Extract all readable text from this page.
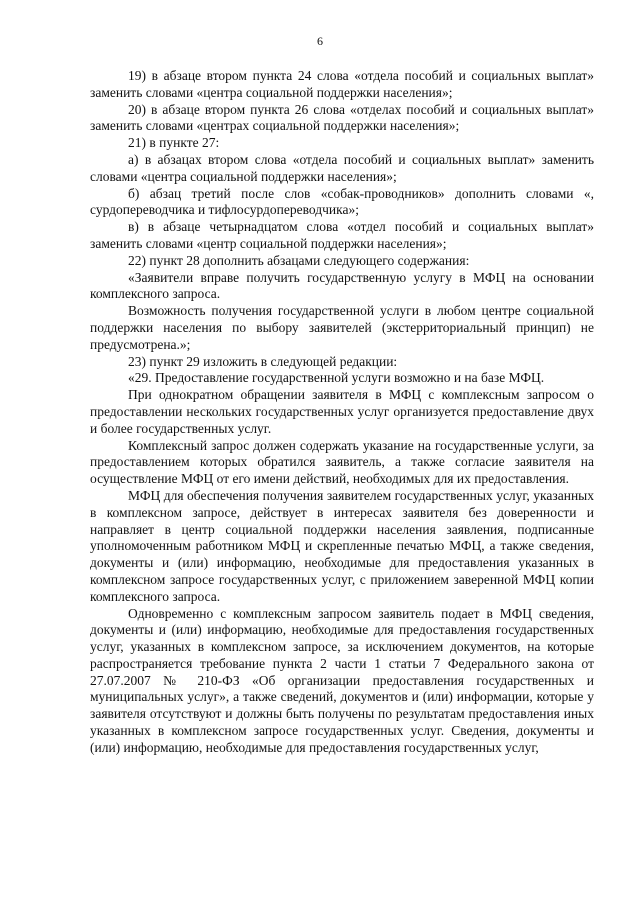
6

19) в абзаце втором пункта 24 слова «отдела пособий и социальных выплат» заменить словами «центра социальной поддержки населения»;

20) в абзаце втором пункта 26 слова «отделах пособий и социальных выплат» заменить словами «центрах социальной поддержки населения»;

21) в пункте 27:

а) в абзацах втором слова «отдела пособий и социальных выплат» заменить словами «центра социальной поддержки населения»;

б) абзац третий после слов «собак-проводников» дополнить словами «, сурдопереводчика и тифлосурдопереводчика»;

в) в абзаце четырнадцатом слова «отдел пособий и социальных выплат» заменить словами «центр социальной поддержки населения»;

22) пункт 28 дополнить абзацами следующего содержания:

«Заявители вправе получить государственную услугу в МФЦ на основании комплексного запроса.

Возможность получения государственной услуги в любом центре социальной поддержки населения по выбору заявителей (экстерриториальный принцип) не предусмотрена.»;

23) пункт 29 изложить в следующей редакции:

«29. Предоставление государственной услуги возможно и на базе МФЦ.

При однократном обращении заявителя в МФЦ с комплексным запросом о предоставлении нескольких государственных услуг организуется предоставление двух и более государственных услуг.

Комплексный запрос должен содержать указание на государственные услуги, за предоставлением которых обратился заявитель, а также согласие заявителя на осуществление МФЦ от его имени действий, необходимых для их предоставления.

МФЦ для обеспечения получения заявителем государственных услуг, указанных в комплексном запросе, действует в интересах заявителя без доверенности и направляет в центр социальной поддержки населения заявления, подписанные уполномоченным работником МФЦ и скрепленные печатью МФЦ, а также сведения, документы и (или) информацию, необходимые для предоставления указанных в комплексном запросе государственных услуг, с приложением заверенной МФЦ копии комплексного запроса.

Одновременно с комплексным запросом заявитель подает в МФЦ сведения, документы и (или) информацию, необходимые для предоставления государственных услуг, указанных в комплексном запросе, за исключением документов, на которые распространяется требование пункта 2 части 1 статьи 7 Федерального закона от 27.07.2007 № 210-ФЗ «Об организации предоставления государственных и муниципальных услуг», а также сведений, документов и (или) информации, которые у заявителя отсутствуют и должны быть получены по результатам предоставления иных указанных в комплексном запросе государственных услуг. Сведения, документы и (или) информацию, необходимые для предоставления государственных услуг,
